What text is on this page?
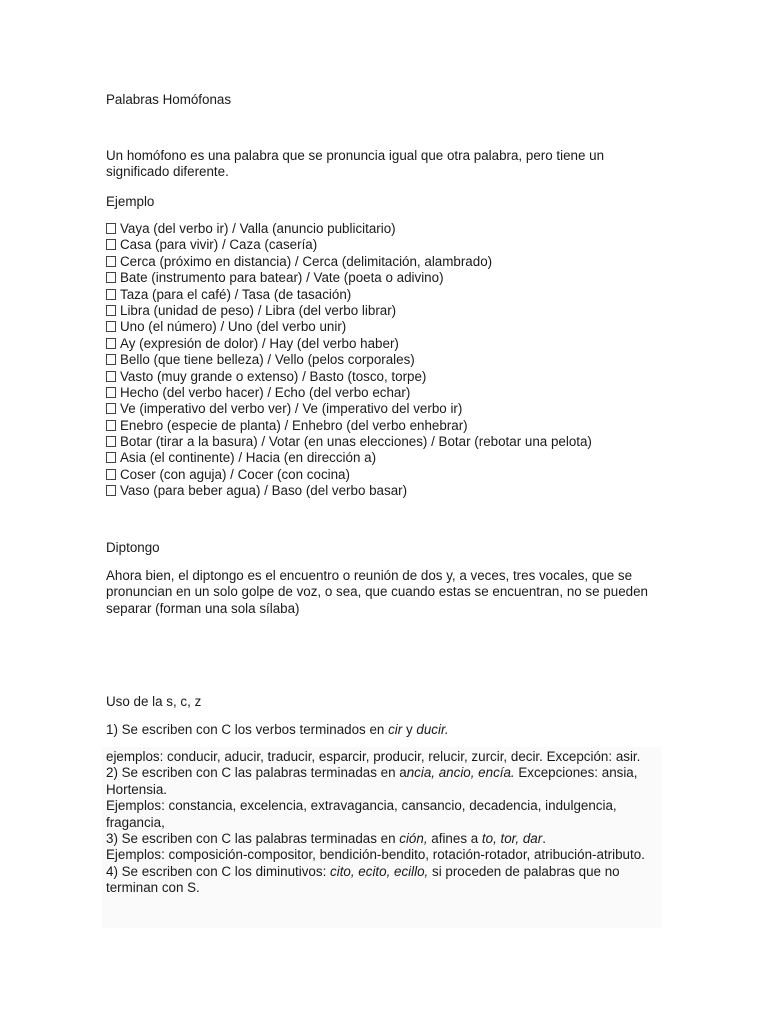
Palabras Homófonas
Un homófono es una palabra que se pronuncia igual que otra palabra, pero tiene un significado diferente.
Ejemplo
Vaya (del verbo ir) / Valla (anuncio publicitario)
Casa (para vivir) / Caza (casería)
Cerca (próximo en distancia) / Cerca (delimitación, alambrado)
Bate (instrumento para batear) / Vate (poeta o adivino)
Taza (para el café) / Tasa (de tasación)
Libra (unidad de peso) / Libra (del verbo librar)
Uno (el número) / Uno (del verbo unir)
Ay (expresión de dolor) / Hay (del verbo haber)
Bello (que tiene belleza) / Vello (pelos corporales)
Vasto (muy grande o extenso) / Basto (tosco, torpe)
Hecho (del verbo hacer) / Echo (del verbo echar)
Ve (imperativo del verbo ver) / Ve (imperativo del verbo ir)
Enebro (especie de planta) / Enhebro (del verbo enhebrar)
Botar (tirar a la basura) / Votar (en unas elecciones) / Botar (rebotar una pelota)
Asia (el continente) / Hacia (en dirección a)
Coser (con aguja) / Cocer (con cocina)
Vaso (para beber agua) / Baso (del verbo basar)
Diptongo
Ahora bien, el diptongo es el encuentro o reunión de dos y, a veces, tres vocales, que se pronuncian en un solo golpe de voz, o sea, que cuando estas se encuentran, no se pueden separar (forman una sola sílaba)
Uso de la s, c, z
1) Se escriben con C los verbos terminados en cir y ducir.
ejemplos: conducir, aducir, traducir, esparcir, producir, relucir, zurcir, decir. Excepción: asir.
2) Se escriben con C las palabras terminadas en ancia, ancio, encía. Excepciones: ansia, Hortensia.
Ejemplos: constancia, excelencia, extravagancia, cansancio, decadencia, indulgencia, fragancia,
3) Se escriben con C las palabras terminadas en ción, afines a to, tor, dar.
Ejemplos: composición-compositor, bendición-bendito, rotación-rotador, atribución-atributo.
4) Se escriben con C los diminutivos: cito, ecito, ecillo, si proceden de palabras que no terminan con S.
